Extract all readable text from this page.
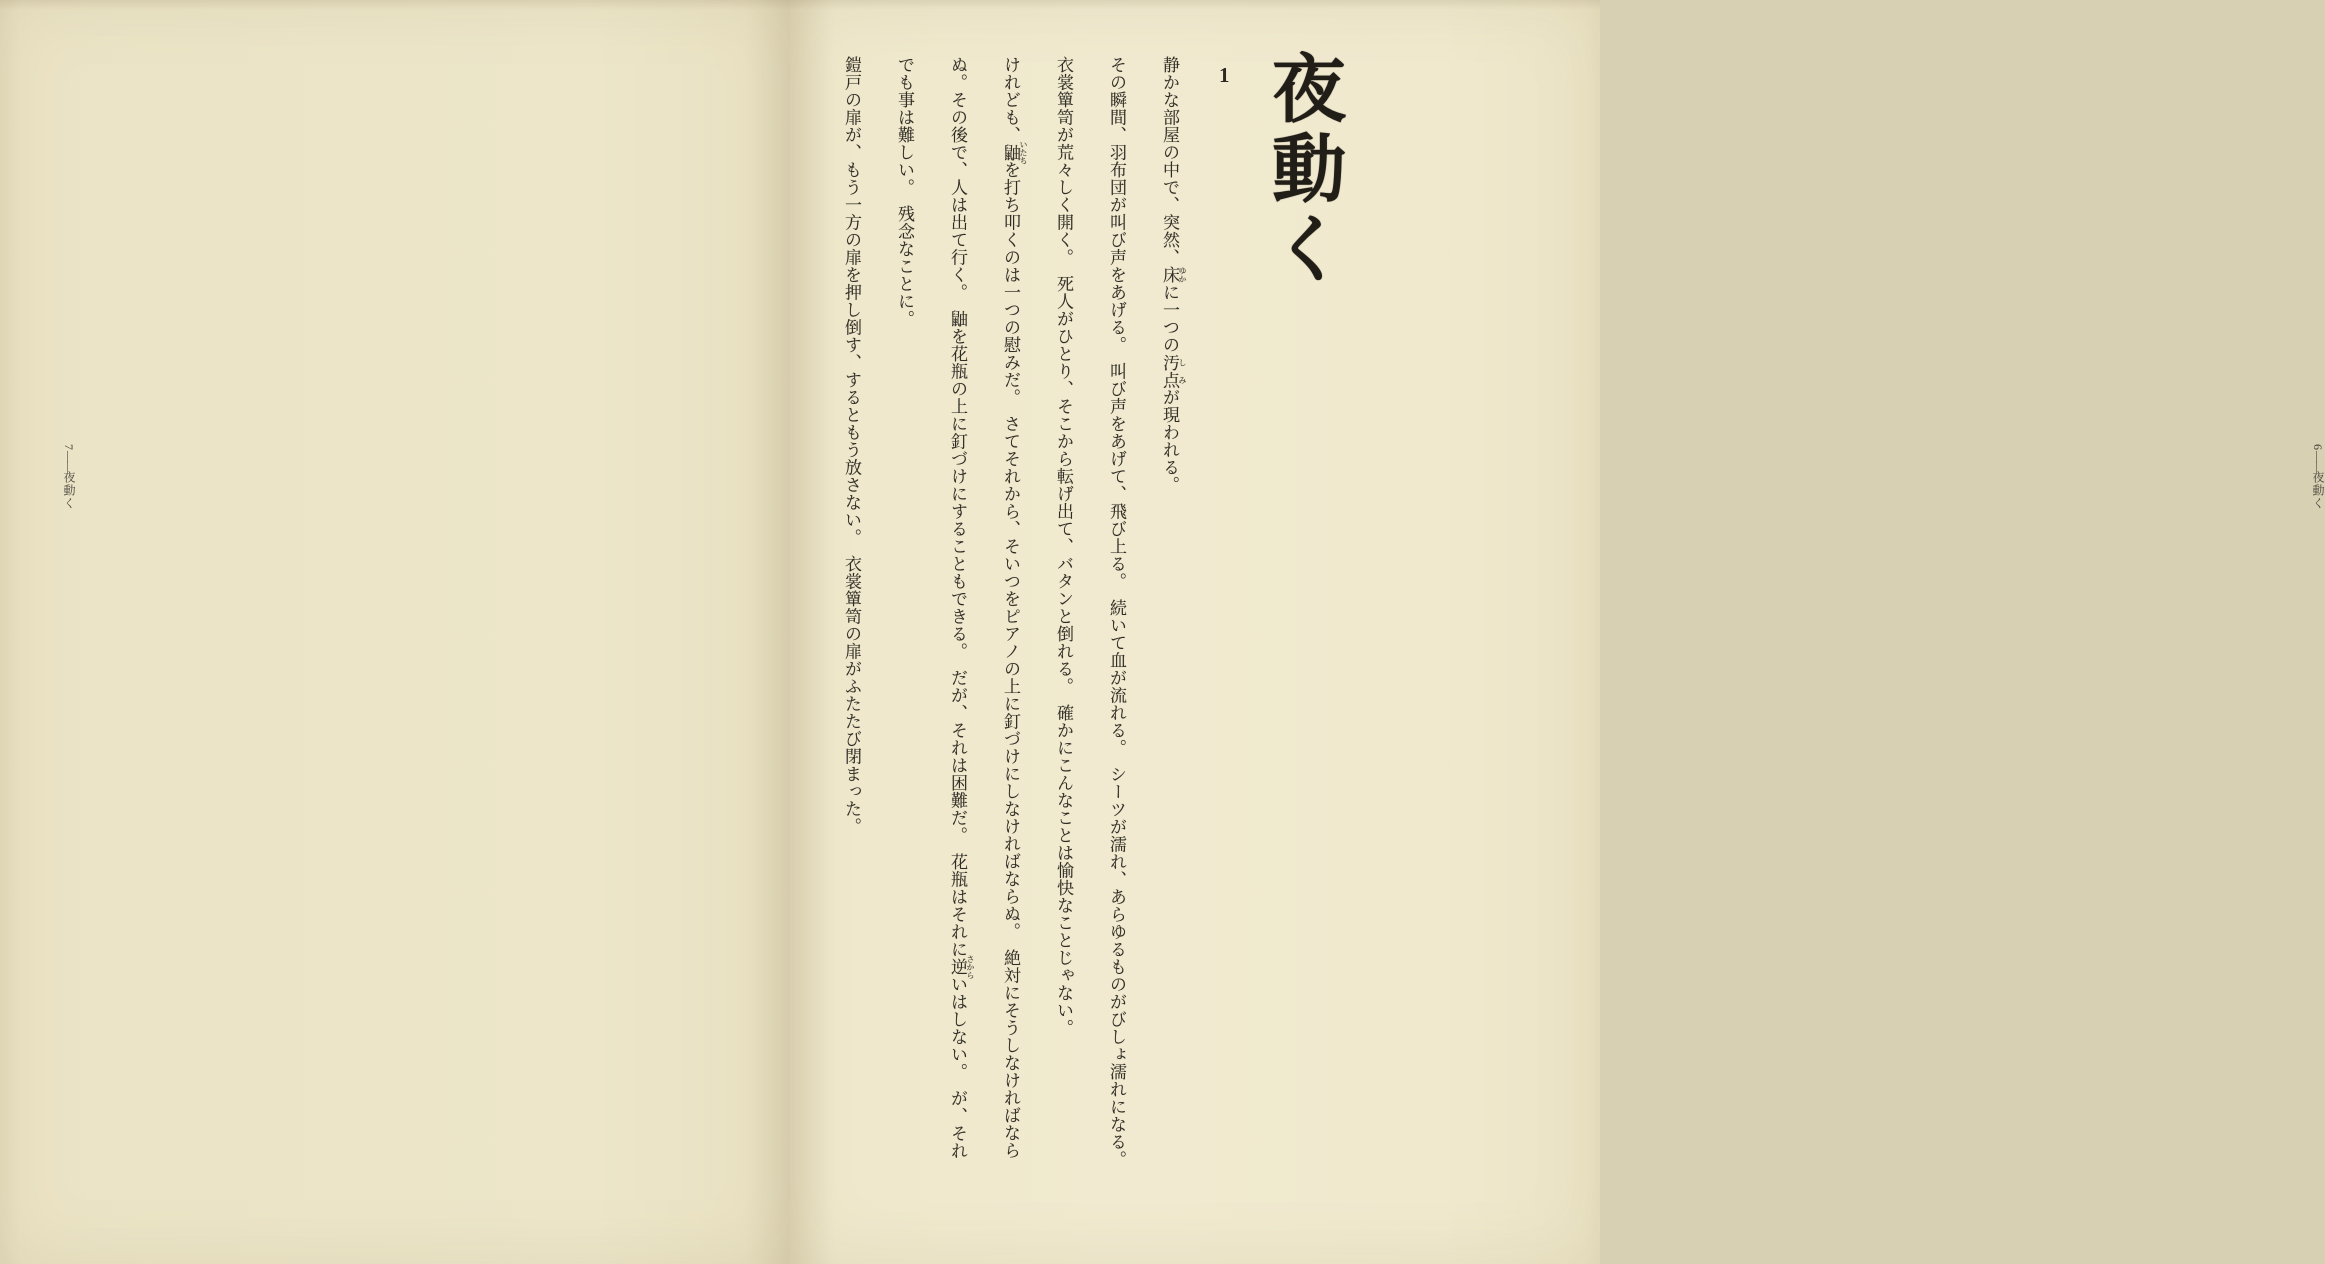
7――夜動く

6――夜動く
夜動く
1

静かな部屋の中で、突然、床 ゆかに一つの汚点 しみが現われる。

その瞬間、羽布団が叫び声をあげる。　叫び声をあげて、飛び上る。　続いて血が流れる。　シーツが濡れ、あらゆるものがびしょ濡れになる。

衣裳簞笥が荒々しく開く。　死人がひとり、そこから転げ出て、バタンと倒れる。　確かにこんなことは愉快なことじゃない。

けれども、鼬 いたちを打ち叩くのは一つの慰みだ。　さてそれから、そいつをピアノの上に釘づけにしなければならぬ。　絶対にそうしなければなら

ぬ。その後で、人は出て行く。　鼬を花瓶の上に釘づけにすることもできる。　だが、それは困難だ。　花瓶はそれに逆 さからいはしない。　が、それ

でも事は難しい。　残念なことに。

鎧戸の扉が、もう一方の扉を押し倒す、するともう放さない。　衣裳簞笥の扉がふたたび閉まった。
